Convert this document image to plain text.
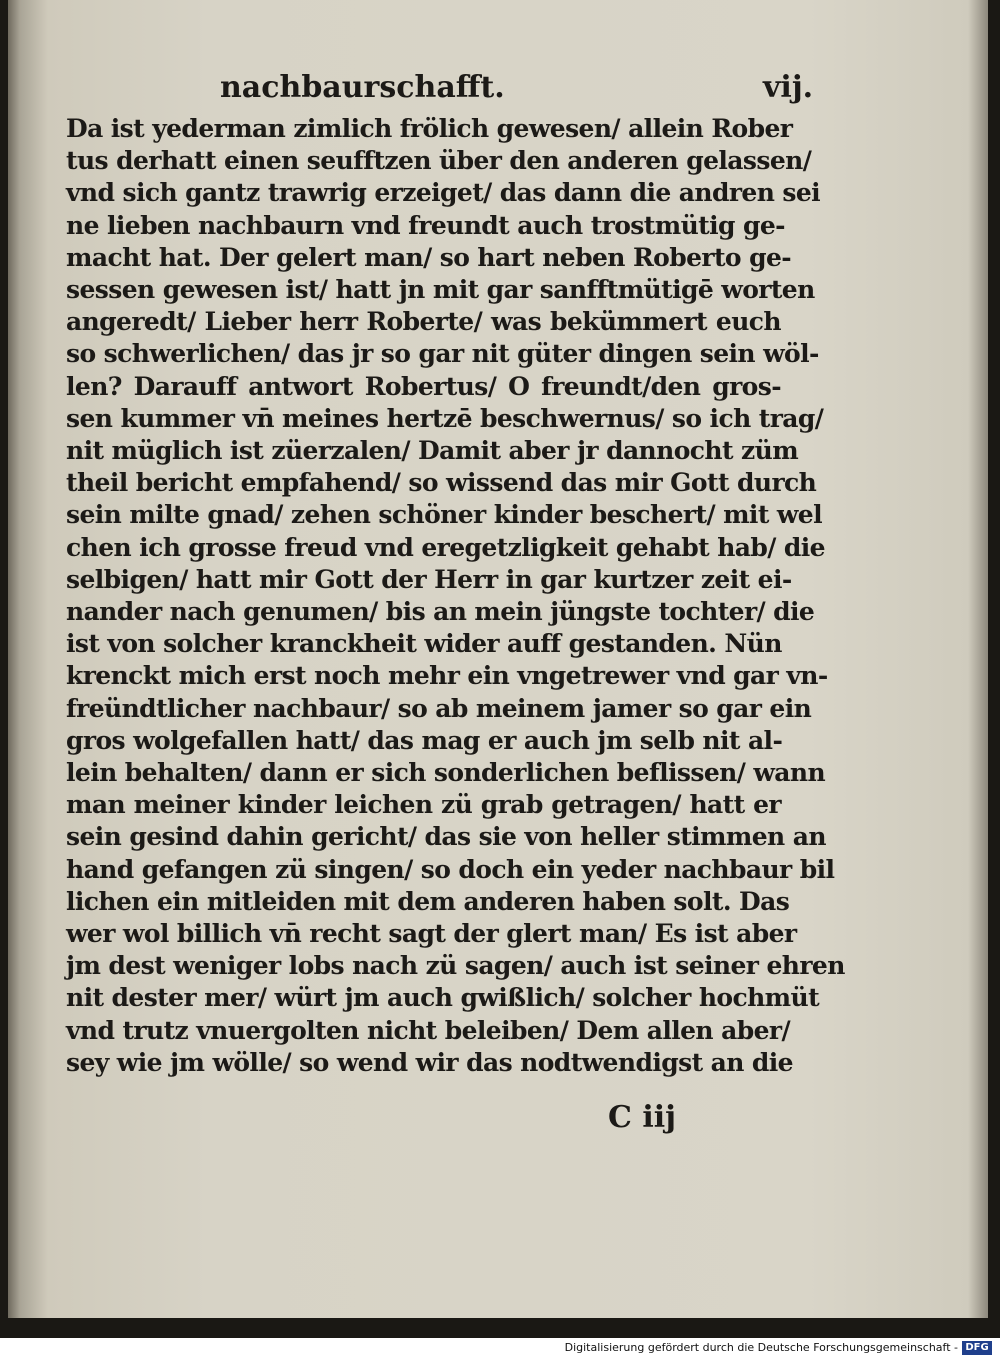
nachbaurschafft.	vij.
Da ist yederman zimlich frölich gewesen/ allein Rober
tus derhatt einen seufftzen über den anderen gelassen/
vnd sich gantz trawrig erzeiget/ das dann die andren sei
ne lieben nachbaurn vnd freundt auch trostmütig ge-
macht hat. Der gelert man/ so hart neben Roberto ge-
sessen gewesen ist/ hatt jn mit gar sanfftmütigē worten
angeredt/ Lieber herr Roberte/ was bekümmert euch
so schwerlichen/ das jr so gar nit güter dingen sein wöl-
len? Darauff antwort Robertus/ O freundt/den gros-
sen kummer vn̄ meines hertzē beschwernus/ so ich trag/
nit müglich ist züerzalen/ Damit aber jr dannocht züm
theil bericht empfahend/ so wissend das mir Gott durch
sein milte gnad/ zehen schöner kinder beschert/ mit wel
chen ich grosse freud vnd eregetzligkeit gehabt hab/ die
selbigen/ hatt mir Gott der Herr in gar kurtzer zeit ei-
nander nach genumen/ bis an mein jüngste tochter/ die
ist von solcher kranckheit wider auff gestanden. Nün
krenckt mich erst noch mehr ein vngetrewer vnd gar vn-
freündtlicher nachbaur/ so ab meinem jamer so gar ein
gros wolgefallen hatt/ das mag er auch jm selb nit al-
lein behalten/ dann er sich sonderlichen beflissen/ wann
man meiner kinder leichen zü grab getragen/ hatt er
sein gesind dahin gericht/ das sie von heller stimmen an
hand gefangen zü singen/ so doch ein yeder nachbaur bil
lichen ein mitleiden mit dem anderen haben solt. Das
wer wol billich vn̄ recht sagt der glert man/ Es ist aber
jm dest weniger lobs nach zü sagen/ auch ist seiner ehren
nit dester mer/ würt jm auch gwißlich/ solcher hochmüt
vnd trutz vnuergolten nicht beleiben/ Dem allen aber/
sey wie jm wölle/ so wend wir das nodtwendigst an die
C iij
Digitalisierung gefördert durch die Deutsche Forschungsgemeinschaft - DFG
